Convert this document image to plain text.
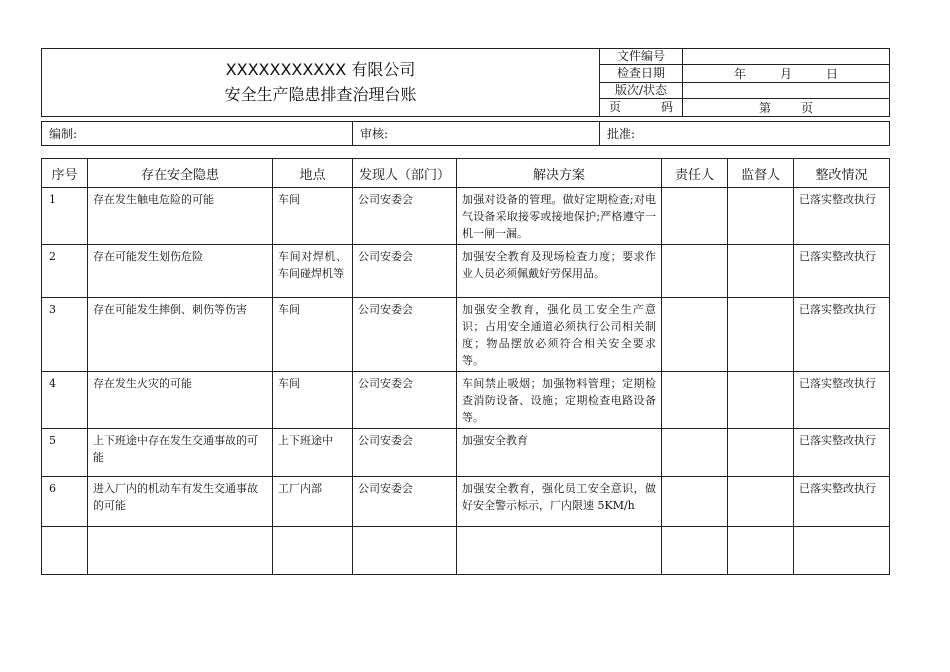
XXXXXXXXXXX 有限公司
安全生产隐患排查治理台账	文件编号	
	检查日期	年 月 日
	版次/状态	
	页 码	第 页
编制:	审核:	批准:
序号	存在安全隐患	地点	发现人（部门）	解决方案	责任人	监督人	整改情况
1	存在发生触电危险的可能	车间	公司安委会	加强对设备的管理。做好定期检查;对电气设备采取接零或接地保护;严格遵守一机一闸一漏。			已落实整改执行
2	存在可能发生划伤危险	车间对焊机、车间碰焊机等	公司安委会	加强安全教育及现场检查力度；要求作业人员必须佩戴好劳保用品。			已落实整改执行
3	存在可能发生摔倒、刺伤等伤害	车间	公司安委会	加强安全教育，强化员工安全生产意识；占用安全通道必须执行公司相关制度；物品摆放必须符合相关安全要求等。			已落实整改执行
4	存在发生火灾的可能	车间	公司安委会	车间禁止吸烟；加强物料管理；定期检查消防设备、设施；定期检查电路设备等。			已落实整改执行
5	上下班途中存在发生交通事故的可能	上下班途中	公司安委会	加强安全教育			已落实整改执行
6	进入厂内的机动车有发生交通事故的可能	工厂内部	公司安委会	加强安全教育，强化员工安全意识，做好安全警示标示，厂内限速 5KM/h			已落实整改执行
